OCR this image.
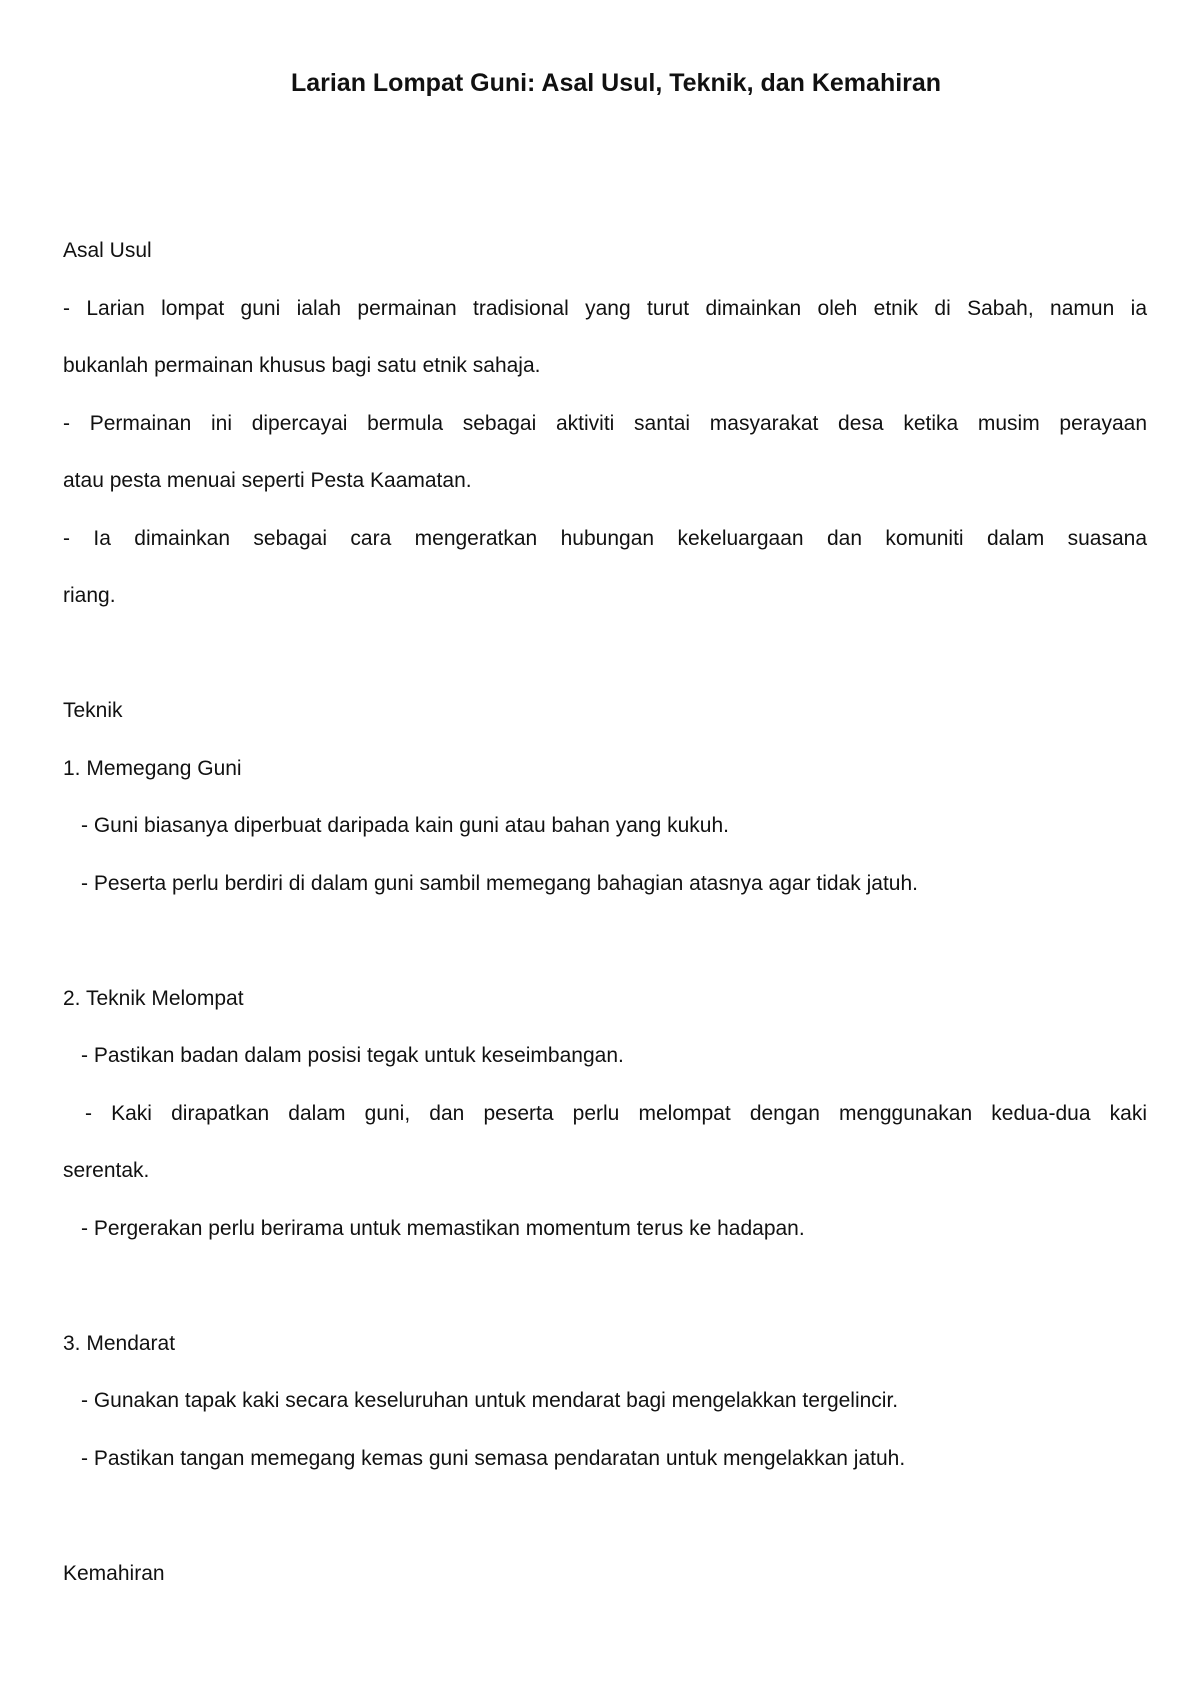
Larian Lompat Guni: Asal Usul, Teknik, dan Kemahiran
Asal Usul
- Larian lompat guni ialah permainan tradisional yang turut dimainkan oleh etnik di Sabah, namun ia
bukanlah permainan khusus bagi satu etnik sahaja.
- Permainan ini dipercayai bermula sebagai aktiviti santai masyarakat desa ketika musim perayaan
atau pesta menuai seperti Pesta Kaamatan.
- Ia dimainkan sebagai cara mengeratkan hubungan kekeluargaan dan komuniti dalam suasana
riang.
Teknik
1. Memegang Guni
- Guni biasanya diperbuat daripada kain guni atau bahan yang kukuh.
- Peserta perlu berdiri di dalam guni sambil memegang bahagian atasnya agar tidak jatuh.
2. Teknik Melompat
- Pastikan badan dalam posisi tegak untuk keseimbangan.
- Kaki dirapatkan dalam guni, dan peserta perlu melompat dengan menggunakan kedua-dua kaki
serentak.
- Pergerakan perlu berirama untuk memastikan momentum terus ke hadapan.
3. Mendarat
- Gunakan tapak kaki secara keseluruhan untuk mendarat bagi mengelakkan tergelincir.
- Pastikan tangan memegang kemas guni semasa pendaratan untuk mengelakkan jatuh.
Kemahiran
